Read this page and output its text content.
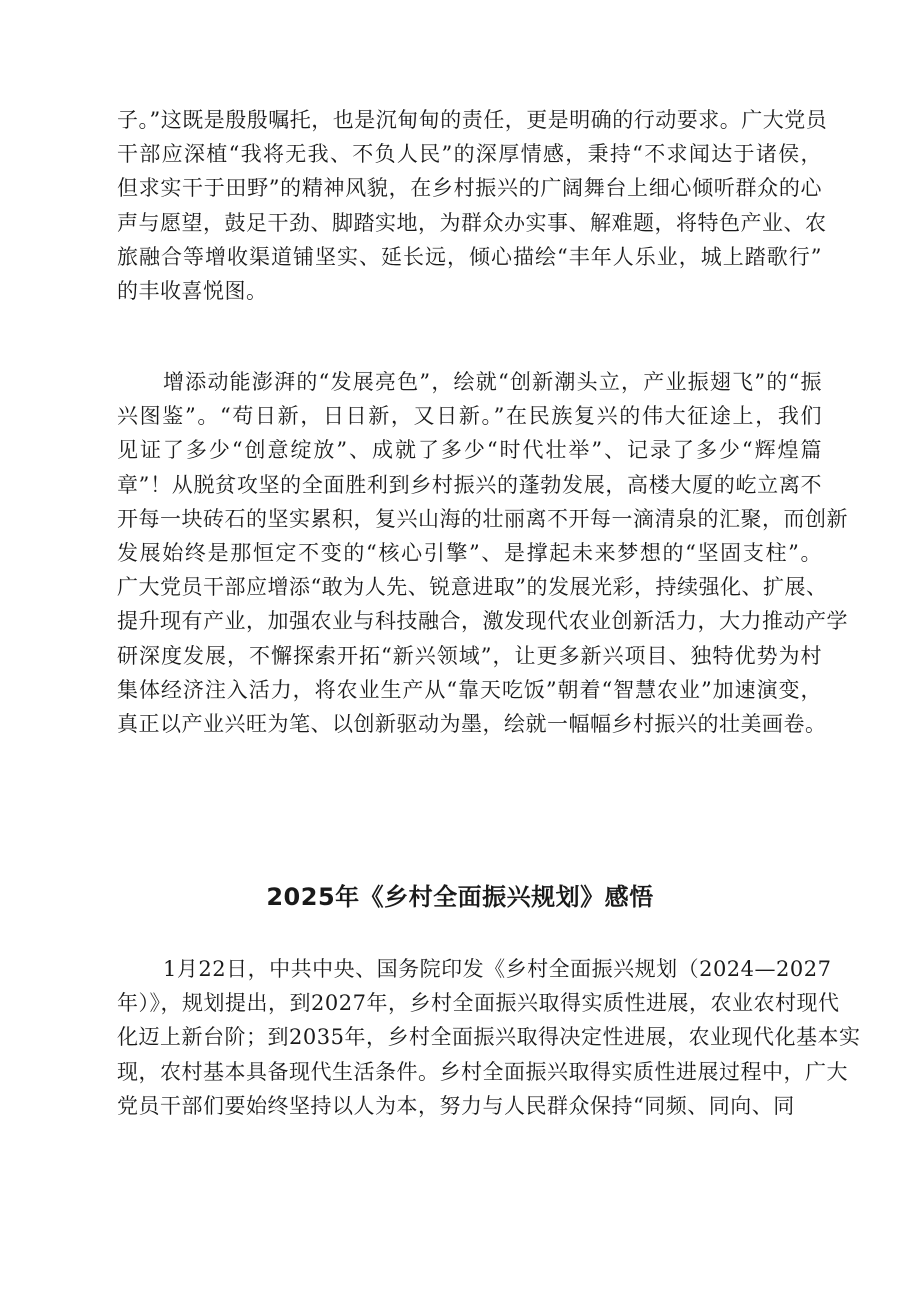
子。”这既是殷殷嘱托，也是沉甸甸的责任，更是明确的行动要求。广大党员
干部应深植“我将无我、不负人民”的深厚情感，秉持“不求闻达于诸侯，
但求实干于田野”的精神风貌，在乡村振兴的广阔舞台上细心倾听群众的心
声与愿望，鼓足干劲、脚踏实地，为群众办实事、解难题，将特色产业、农
旅融合等增收渠道铺坚实、延长远，倾心描绘“丰年人乐业，城上踏歌行”
的丰收喜悦图。
增添动能澎湃的“发展亮色”，绘就“创新潮头立，产业振翅飞”的“振
兴图鉴”。“苟日新，日日新，又日新。”在民族复兴的伟大征途上，我们
见证了多少“创意绽放”、成就了多少“时代壮举”、记录了多少“辉煌篇
章”！从脱贫攻坚的全面胜利到乡村振兴的蓬勃发展，高楼大厦的屹立离不
开每一块砖石的坚实累积，复兴山海的壮丽离不开每一滴清泉的汇聚，而创新
发展始终是那恒定不变的“核心引擎”、是撑起未来梦想的“坚固支柱”。
广大党员干部应增添“敢为人先、锐意进取”的发展光彩，持续强化、扩展、
提升现有产业，加强农业与科技融合，激发现代农业创新活力，大力推动产学
研深度发展，不懈探索开拓“新兴领域”，让更多新兴项目、独特优势为村
集体经济注入活力，将农业生产从“靠天吃饭”朝着“智慧农业”加速演变，
真正以产业兴旺为笔、以创新驱动为墨，绘就一幅幅乡村振兴的壮美画卷。
2025年《乡村全面振兴规划》感悟
1月22日，中共中央、国务院印发《乡村全面振兴规划（2024—2027
年）》，规划提出，到2027年，乡村全面振兴取得实质性进展，农业农村现代
化迈上新台阶；到2035年，乡村全面振兴取得决定性进展，农业现代化基本实
现，农村基本具备现代生活条件。乡村全面振兴取得实质性进展过程中，广大
党员干部们要始终坚持以人为本，努力与人民群众保持“同频、同向、同
